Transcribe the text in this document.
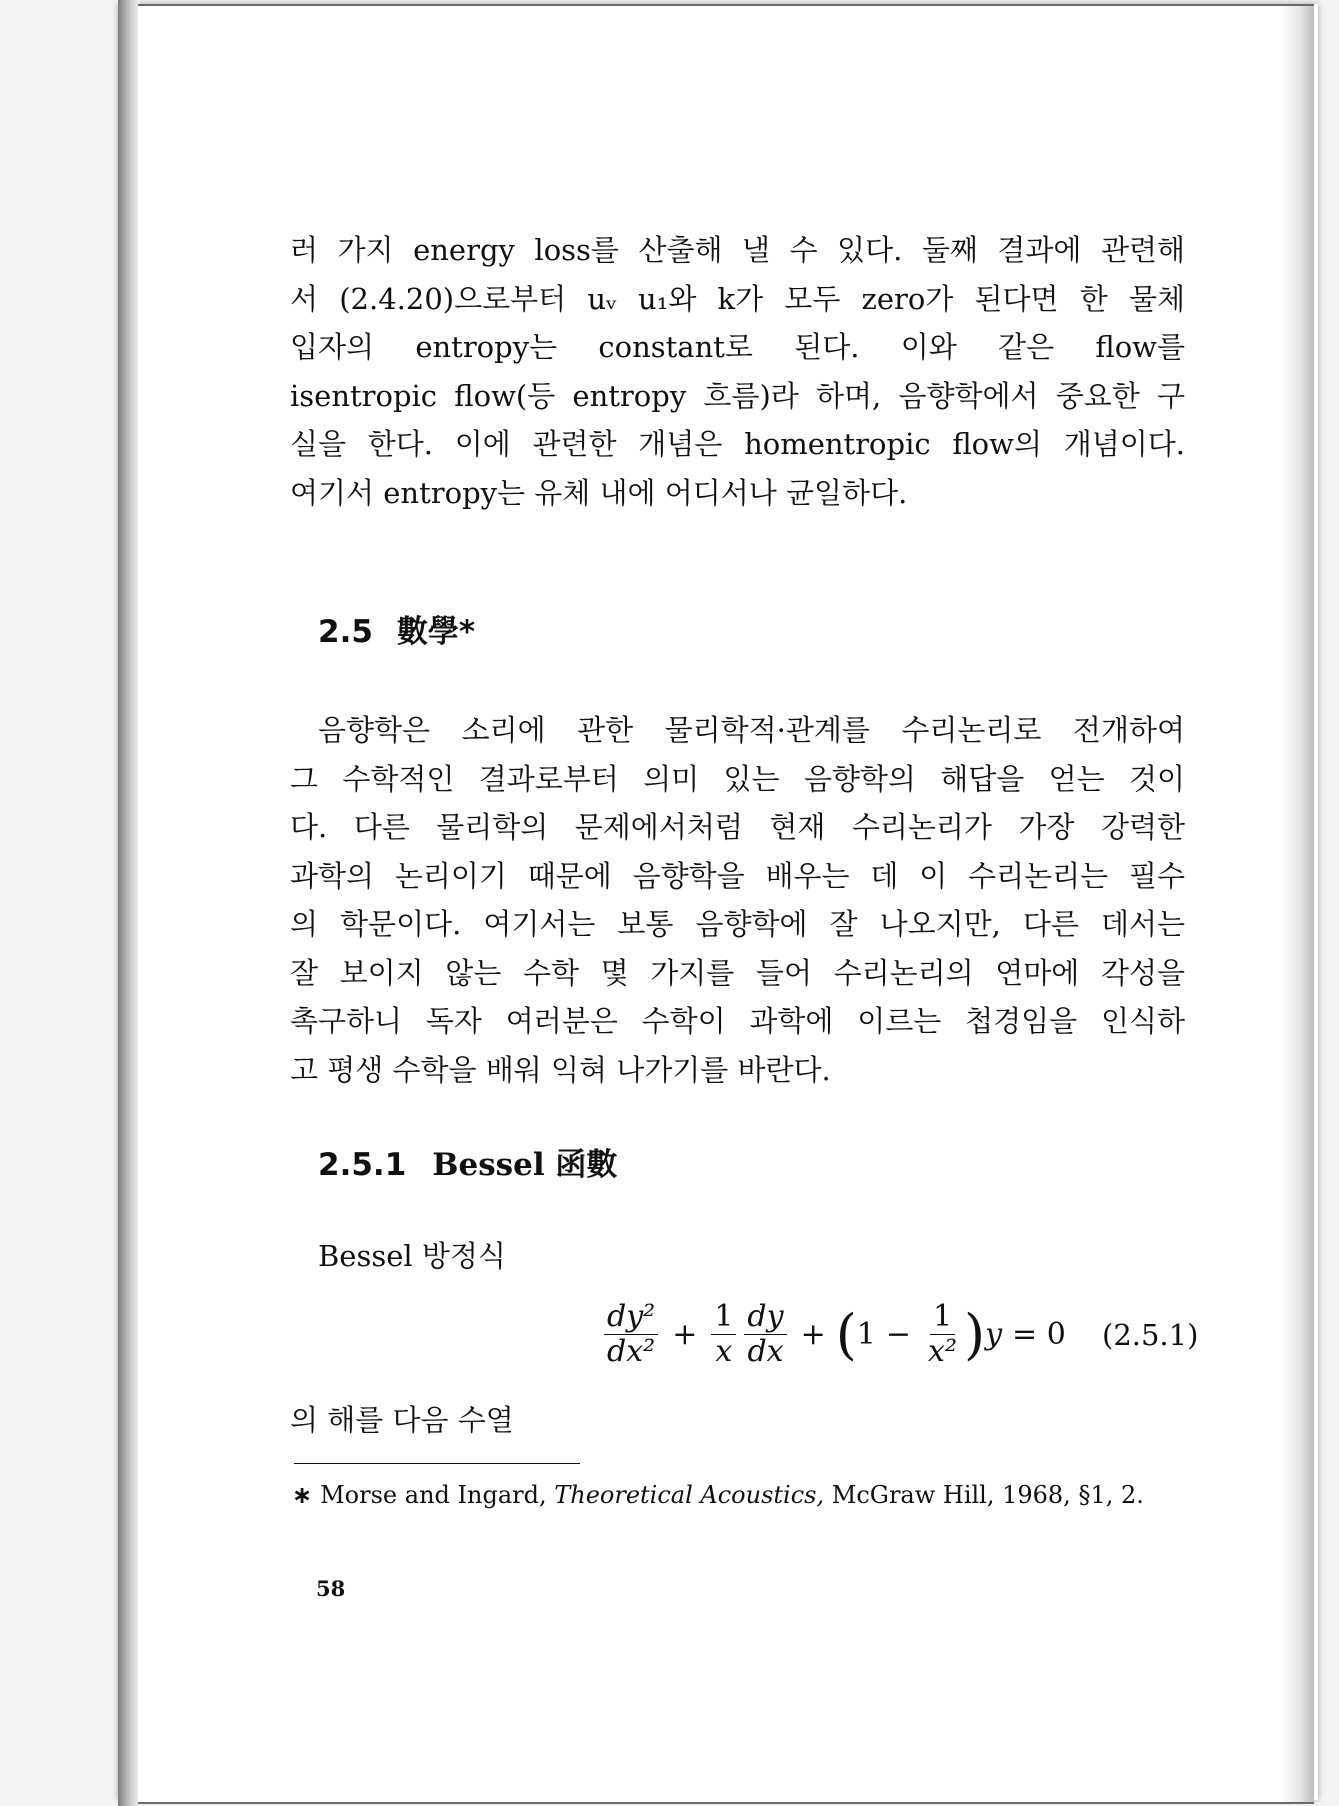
러 가지 energy loss를 산출해 낼 수 있다. 둘째 결과에 관련해
서 (2.4.20)으로부터 uᵥ u₁와 k가 모두 zero가 된다면 한 물체
입자의 entropy는 constant로 된다. 이와 같은 flow를
isentropic flow(등 entropy 흐름)라 하며, 음향학에서 중요한 구
실을 한다. 이에 관련한 개념은 homentropic flow의 개념이다.
여기서 entropy는 유체 내에 어디서나 균일하다.
2.5 數學*
음향학은 소리에 관한 물리학적·관계를 수리논리로 전개하여
그 수학적인 결과로부터 의미 있는 음향학의 해답을 얻는 것이
다. 다른 물리학의 문제에서처럼 현재 수리논리가 가장 강력한
과학의 논리이기 때문에 음향학을 배우는 데 이 수리논리는 필수
의 학문이다. 여기서는 보통 음향학에 잘 나오지만, 다른 데서는
잘 보이지 않는 수학 몇 가지를 들어 수리논리의 연마에 각성을
촉구하니 독자 여러분은 수학이 과학에 이르는 첩경임을 인식하
고 평생 수학을 배워 익혀 나가기를 바란다.
2.5.1 Bessel 函數

Bessel 방정식

$\frac{\text{dy²}}{\text{dx²}} + \frac{1}{x} \frac{dy}{dx}$ + ( $1 - \frac{1}{\text{x²}}$ ) y = 0 (2.5.1)

의 해를 다음 수열

∗ Morse and Ingard, Theoretical Acoustics, McGraw Hill, 1968, §1, 2.

58
